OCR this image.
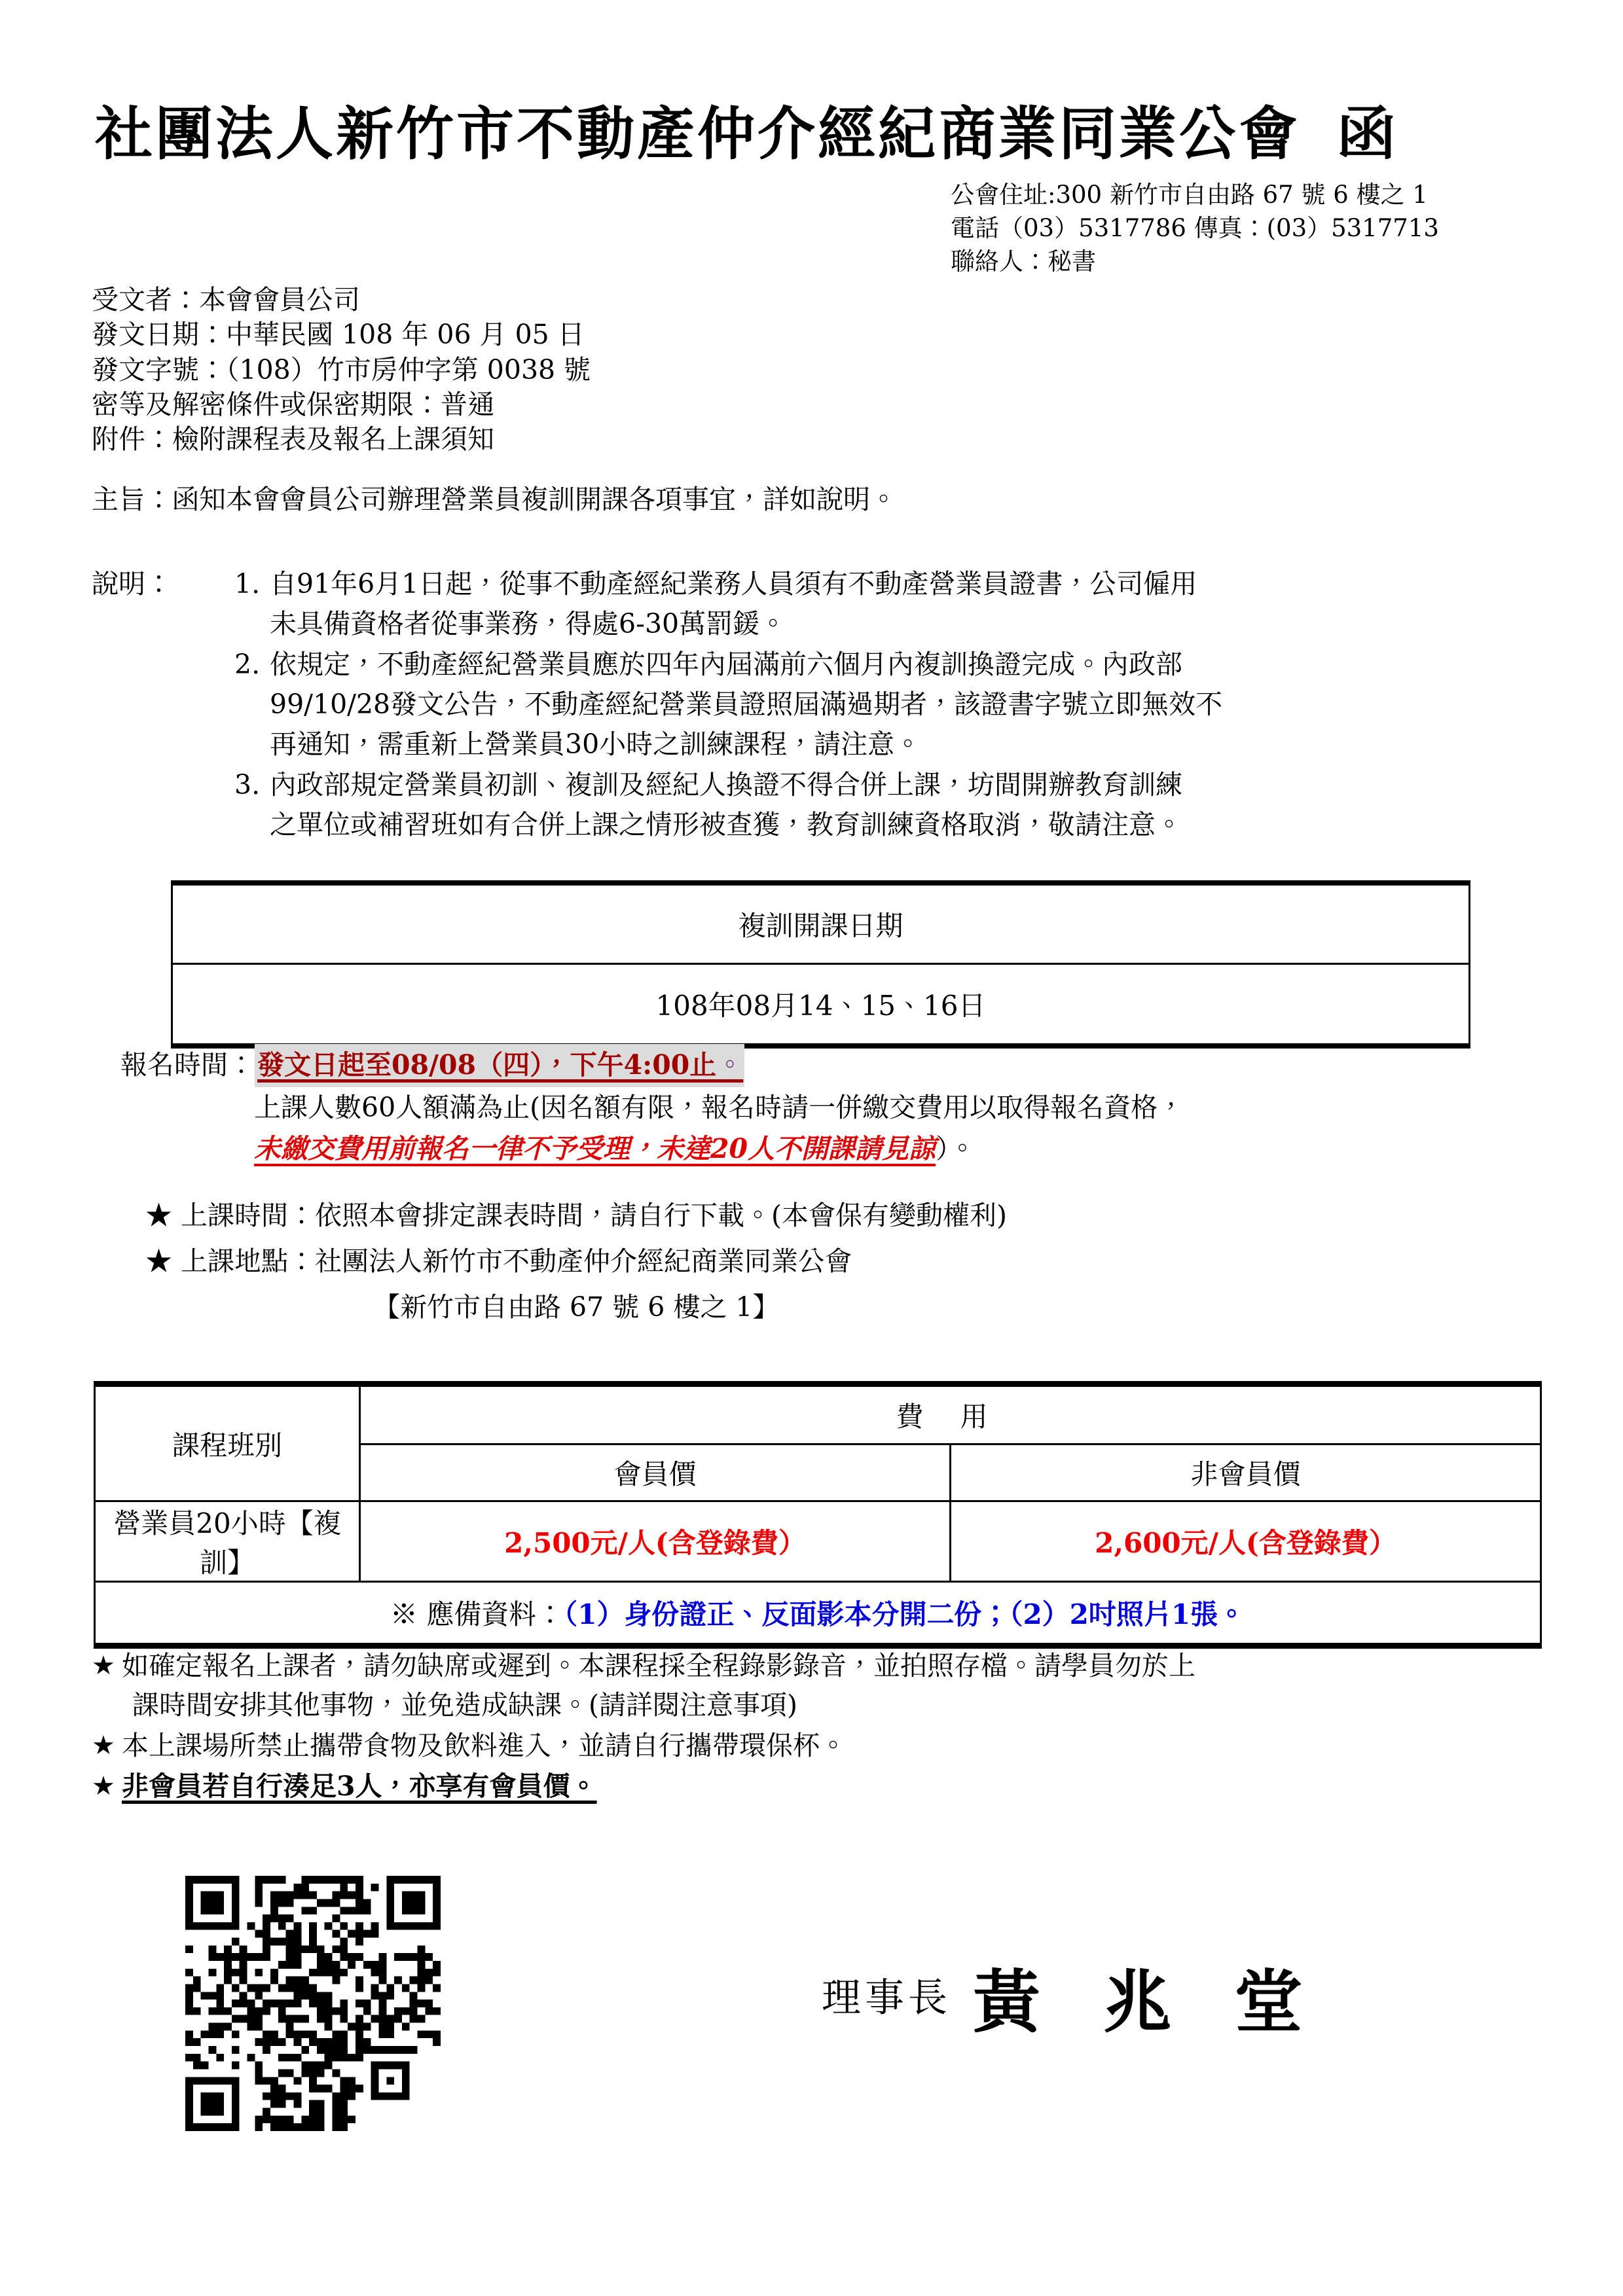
社團法人新竹市不動產仲介經紀商業同業公會 函
公會住址:300 新竹市自由路 67 號 6 樓之 1
電話（03）5317786 傳真：(03）5317713
聯絡人：秘書
受文者：本會會員公司
發文日期：中華民國 108 年 06 月 05 日
發文字號：（108）竹市房仲字第 0038 號
密等及解密條件或保密期限：普通
附件：檢附課程表及報名上課須知
主旨：函知本會會員公司辦理營業員複訓開課各項事宜，詳如說明。
說明： 1. 自91年6月1日起，從事不動產經紀業務人員須有不動產營業員證書，公司僱用
未具備資格者從事業務，得處6-30萬罰鍰。
2. 依規定，不動產經紀營業員應於四年內屆滿前六個月內複訓換證完成。內政部
99/10/28發文公告，不動產經紀營業員證照屆滿過期者，該證書字號立即無效不
再通知，需重新上營業員30小時之訓練課程，請注意。
3. 內政部規定營業員初訓、複訓及經紀人換證不得合併上課，坊間開辦教育訓練
之單位或補習班如有合併上課之情形被查獲，教育訓練資格取消，敬請注意。
複訓開課日期
108年08月14、15、16日
報名時間：發文日起至08/08（四），下午4:00止。
上課人數60人額滿為止(因名額有限，報名時請一併繳交費用以取得報名資格，
未繳交費用前報名一律不予受理，未達20人不開課請見諒）。
★ 上課時間：依照本會排定課表時間，請自行下載。(本會保有變動權利)
★ 上課地點：社團法人新竹市不動產仲介經紀商業同業公會
【新竹市自由路 67 號 6 樓之 1】
課程班別	費用	
	會員價	非會員價
營業員20小時【複訓】	2,500元/人(含登錄費）	2,600元/人(含登錄費）
※ 應備資料：（1）身份證正、反面影本分開二份；（2）2吋照片1張。		
★ 如確定報名上課者，請勿缺席或遲到。本課程採全程錄影錄音，並拍照存檔。請學員勿於上
課時間安排其他事物，並免造成缺課。(請詳閱注意事項)
★ 本上課場所禁止攜帶食物及飲料進入，並請自行攜帶環保杯。
★ 非會員若自行湊足3人，亦享有會員價。
理事長 黃 兆 堂
